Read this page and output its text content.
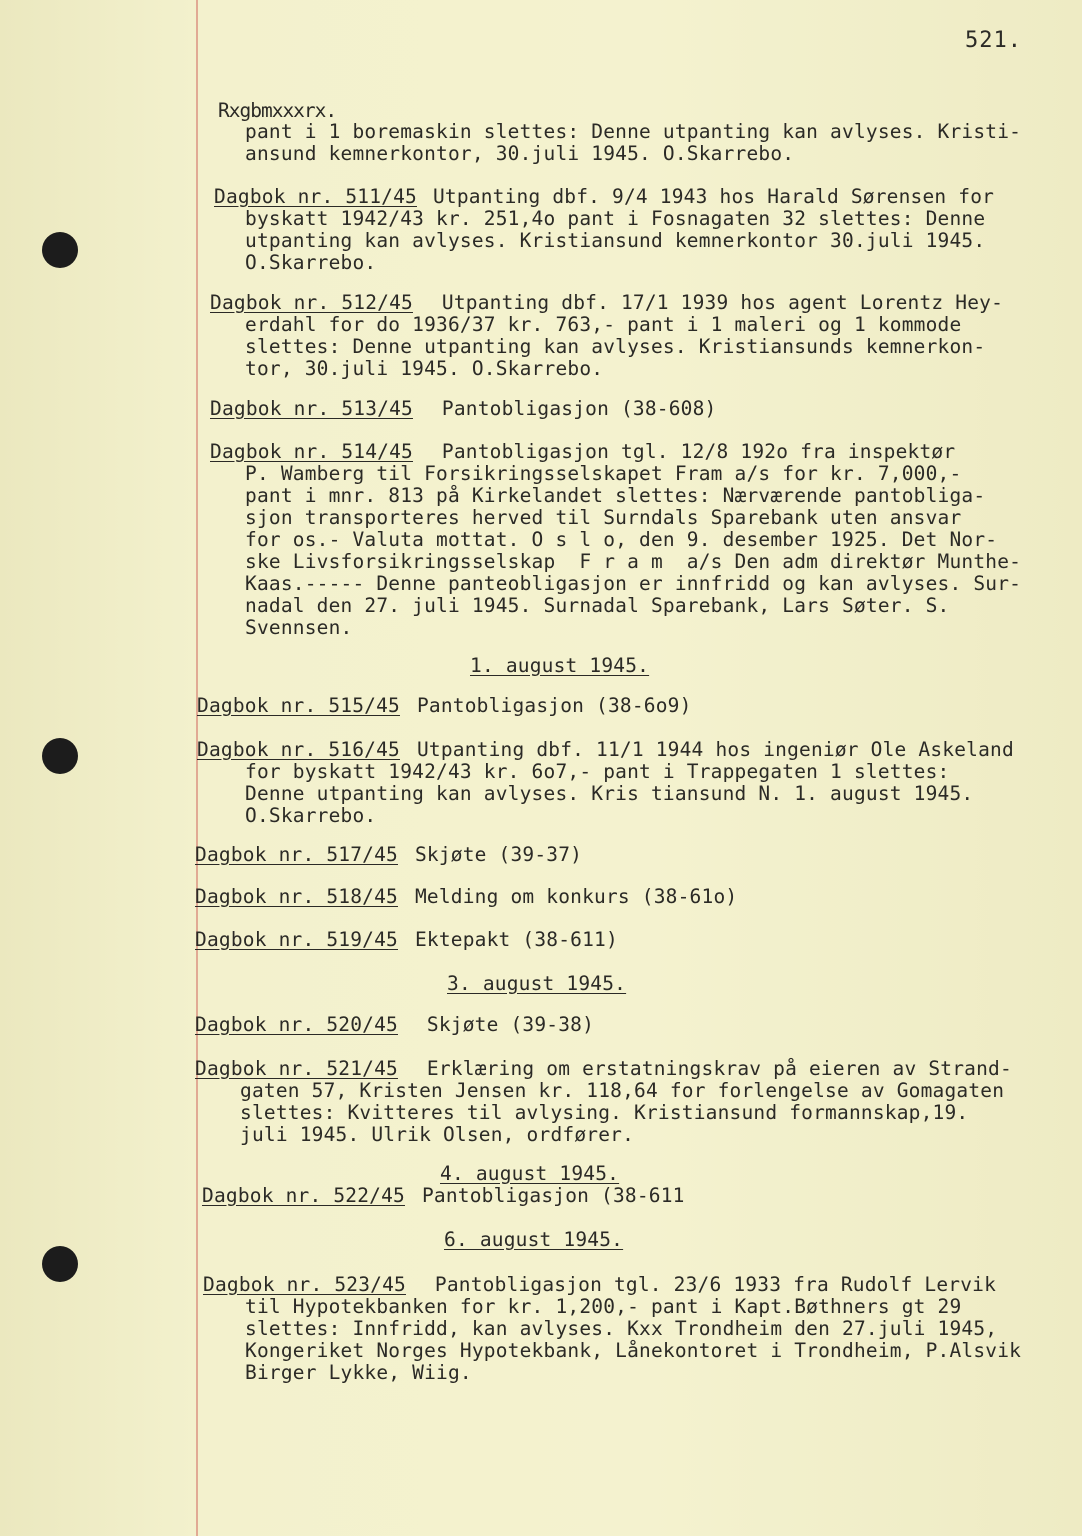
521.
Rxgbmxxxrx.
pant i 1 boremaskin slettes: Denne utpanting kan avlyses. Kristi-
ansund kemnerkontor, 30.juli 1945. O.Skarrebo.
Dagbok nr. 511/45 Utpanting dbf. 9/4 1943 hos Harald Sørensen for
byskatt 1942/43 kr. 251,4o pant i Fosnagaten 32 slettes: Denne
utpanting kan avlyses. Kristiansund kemnerkontor 30.juli 1945.
O.Skarrebo.
Dagbok nr. 512/45 Utpanting dbf. 17/1 1939 hos agent Lorentz Hey-
erdahl for do 1936/37 kr. 763,- pant i 1 maleri og 1 kommode
slettes: Denne utpanting kan avlyses. Kristiansunds kemnerkon-
tor, 30.juli 1945. O.Skarrebo.
Dagbok nr. 513/45 Pantobligasjon (38-608)
Dagbok nr. 514/45 Pantobligasjon tgl. 12/8 192o fra inspektør
P. Wamberg til Forsikringsselskapet Fram a/s for kr. 7,000,-
pant i mnr. 813 på Kirkelandet slettes: Nærværende pantobliga-
sjon transporteres herved til Surndals Sparebank uten ansvar
for os.- Valuta mottat. O s l o, den 9. desember 1925. Det Nor-
ske Livsforsikringsselskap  F r a m  a/s Den adm direktør Munthe-
Kaas.----- Denne panteobligasjon er innfridd og kan avlyses. Sur-
nadal den 27. juli 1945. Surnadal Sparebank, Lars Søter. S.
Svennsen.
1. august 1945.
Dagbok nr. 515/45 Pantobligasjon (38-6o9)
Dagbok nr. 516/45 Utpanting dbf. 11/1 1944 hos ingeniør Ole Askeland
for byskatt 1942/43 kr. 6o7,- pant i Trappegaten 1 slettes:
Denne utpanting kan avlyses. Kris tiansund N. 1. august 1945.
O.Skarrebo.
Dagbok nr. 517/45 Skjøte (39-37)
Dagbok nr. 518/45 Melding om konkurs (38-61o)
Dagbok nr. 519/45 Ektepakt (38-611)
3. august 1945.
Dagbok nr. 520/45 Skjøte (39-38)
Dagbok nr. 521/45 Erklæring om erstatningskrav på eieren av Strand-
gaten 57, Kristen Jensen kr. 118,64 for forlengelse av Gomagaten
slettes: Kvitteres til avlysing. Kristiansund formannskap,19.
juli 1945. Ulrik Olsen, ordfører.
4. august 1945.
Dagbok nr. 522/45 Pantobligasjon (38-611
6. august 1945.
Dagbok nr. 523/45 Pantobligasjon tgl. 23/6 1933 fra Rudolf Lervik
til Hypotekbanken for kr. 1,200,- pant i Kapt.Bøthners gt 29
slettes: Innfridd, kan avlyses. Kxx Trondheim den 27.juli 1945,
Kongeriket Norges Hypotekbank, Lånekontoret i Trondheim, P.Alsvik
Birger Lykke, Wiig.
